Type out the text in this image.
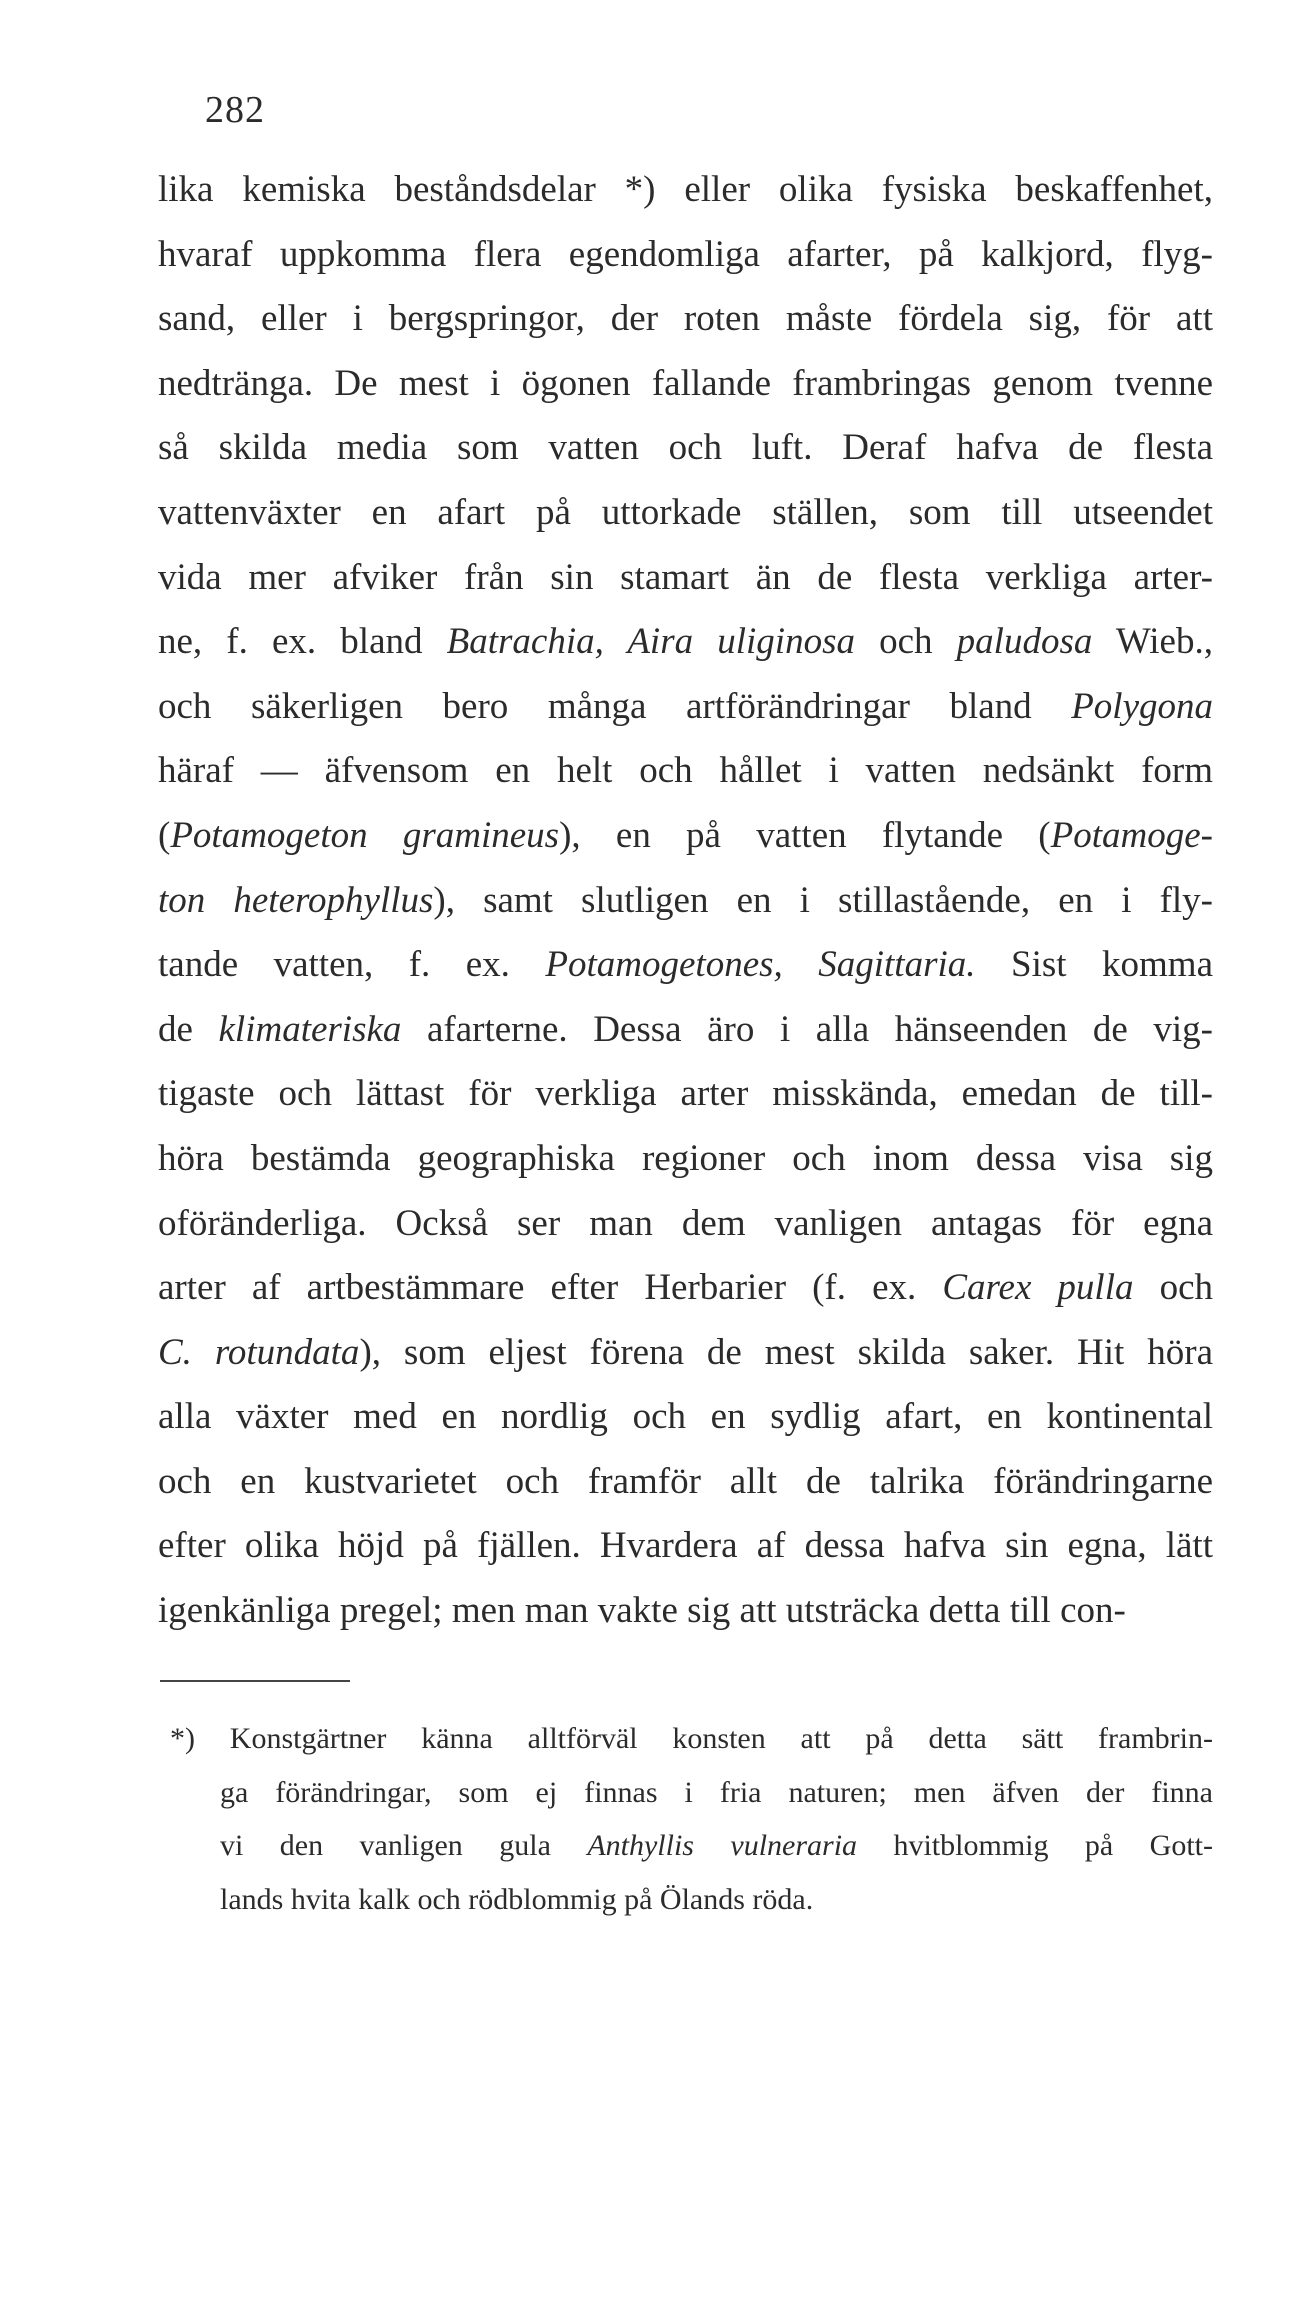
282
lika kemiska beståndsdelar *) eller olika fysiska beskaffenhet,
hvaraf uppkomma flera egendomliga afarter, på kalkjord, flyg-
sand, eller i bergspringor, der roten måste fördela sig, för att
nedtränga. De mest i ögonen fallande frambringas genom tvenne
så skilda media som vatten och luft. Deraf hafva de flesta
vattenväxter en afart på uttorkade ställen, som till utseendet
vida mer afviker från sin stamart än de flesta verkliga arter-
ne, f. ex. bland Batrachia, Aira uliginosa och paludosa Wieb.,
och säkerligen bero många artförändringar bland Polygona
häraf — äfvensom en helt och hållet i vatten nedsänkt form
(Potamogeton gramineus), en på vatten flytande (Potamoge-
ton heterophyllus), samt slutligen en i stillastående, en i fly-
tande vatten, f. ex. Potamogetones, Sagittaria. Sist komma
de klimateriska afarterne. Dessa äro i alla hänseenden de vig-
tigaste och lättast för verkliga arter misskända, emedan de till-
höra bestämda geographiska regioner och inom dessa visa sig
oföränderliga. Också ser man dem vanligen antagas för egna
arter af artbestämmare efter Herbarier (f. ex. Carex pulla och
C. rotundata), som eljest förena de mest skilda saker. Hit höra
alla växter med en nordlig och en sydlig afart, en kontinental
och en kustvarietet och framför allt de talrika förändringarne
efter olika höjd på fjällen. Hvardera af dessa hafva sin egna, lätt
igenkänliga pregel; men man vakte sig att utsträcka detta till con-
*) Konstgärtner känna alltförväl konsten att på detta sätt frambrin-
ga förändringar, som ej finnas i fria naturen; men äfven der finna
vi den vanligen gula Anthyllis vulneraria hvitblommig på Gott-
lands hvita kalk och rödblommig på Ölands röda.
